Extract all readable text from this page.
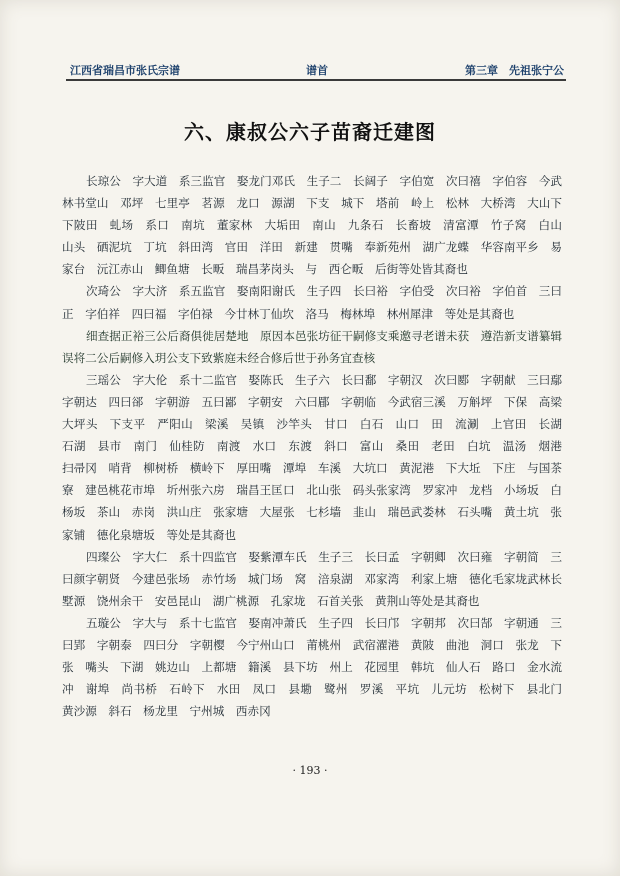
江西省瑞昌市张氏宗谱	谱首	第三章　先祖张宁公
六、康叔公六子苗裔迁建图

长琼公　字大道　系三监官　娶龙门邓氏　生子二　长阔子　字伯宽　次曰禧　字伯容　今武林书堂山　邓坪　七里亭　茗源　龙口　源湖　下支　城下　塔前　岭上　松林　大桥湾　大山下　下陂田　虬场　系口　南坑　董家林　大垢田　南山　九条石　长畜坡　清富潭　竹子窝　白山　山头　硒泥坑　丁坑　斜田湾　官田　洋田　新建　贯嘴　奉新苑州　湖广龙蝶　华容南平乡　易家台　沅江赤山　鲫鱼塘　长畈　瑞昌茅岗头　与　西仑畈　后街等处皆其裔也

次琦公　字大济　系五监官　娶南阳谢氏　生子四　长曰裕　字伯受　次曰裕　字伯首　三曰正　字伯祥　四曰福　字伯禄　今廿林丁仙坎　洛马　梅林埠　林州犀津　等处是其裔也

细查据正裕三公后裔俱徙居楚地　原因本邑张坊征干嗣修支乘邀寻老谱未获　遵浩新支谱纂辑误将二公后嗣修入玥公支下致紫庭未经合修后世于孙务宜查核

三瑶公　字大伦　系十二监官　娶陈氏　生子六　长曰鄱　字朝汉　次曰郾　字朝献　三曰鄢　字朝达　四曰郤　字朝游　五曰鄙　字朝安　六曰郿　字朝临　今武宿三溪　万斛坪　下保　高梁　大坪头　下支平　严阳山　梁溪　吴镇　沙竿头　甘口　白石　山口　田　流涮　上官田　长湖　石湖　县市　南门　仙桂防　南渡　水口　东渡　斜口　富山　桑田　老田　白坑　温汤　烟港　扫帚冈　哨背　柳树桥　横岭下　厚田嘴　潭埠　车溪　大坑口　黄泥港　下大坵　下庄　与国茶寮　建邑桃花市埠　圻州张六房　瑞昌王匡口　北山张　码头张家湾　罗家冲　龙档　小场坂　白杨坂　茶山　赤岗　洪山庄　张家塘　大屋张　七杉墙　韭山　瑞邑武娄林　石头嘴　黄土坑　张家铺　德化泉塘坂　等处是其裔也

四璨公　字大仁　系十四监官　娶紫潭车氏　生子三　长曰孟　字朝卿　次曰雍　字朝简　三曰颜字朝贤　今建邑张场　赤竹场　城门场　窝　涪泉湖　邓家湾　利家上塘　德化毛家垅武林长墅源　饶州余干　安邑昆山　湖广桃源　孔家垅　石首关张　黄荆山等处是其裔也

五璇公　字大与　系十七监官　娶南冲萧氏　生子四　长曰邝　字朝邦　次曰郜　字朝通　三曰郢　字朝泰　四曰分　字朝樱　今宁州山口　莆桃州　武宿濯港　黄陂　曲池　洞口　张龙　下张　嘴头　下湖　姚边山　上都塘　籍溪　县下坊　州上　花园里　韩坑　仙人石　路口　金水流冲　谢埠　尚书桥　石岭下　水田　凤口　县墈　鹭州　罗溪　平坑　儿元坊　松树下　县北门　黄沙源　斜石　杨龙里　宁州城　西赤冈

· 193 ·
